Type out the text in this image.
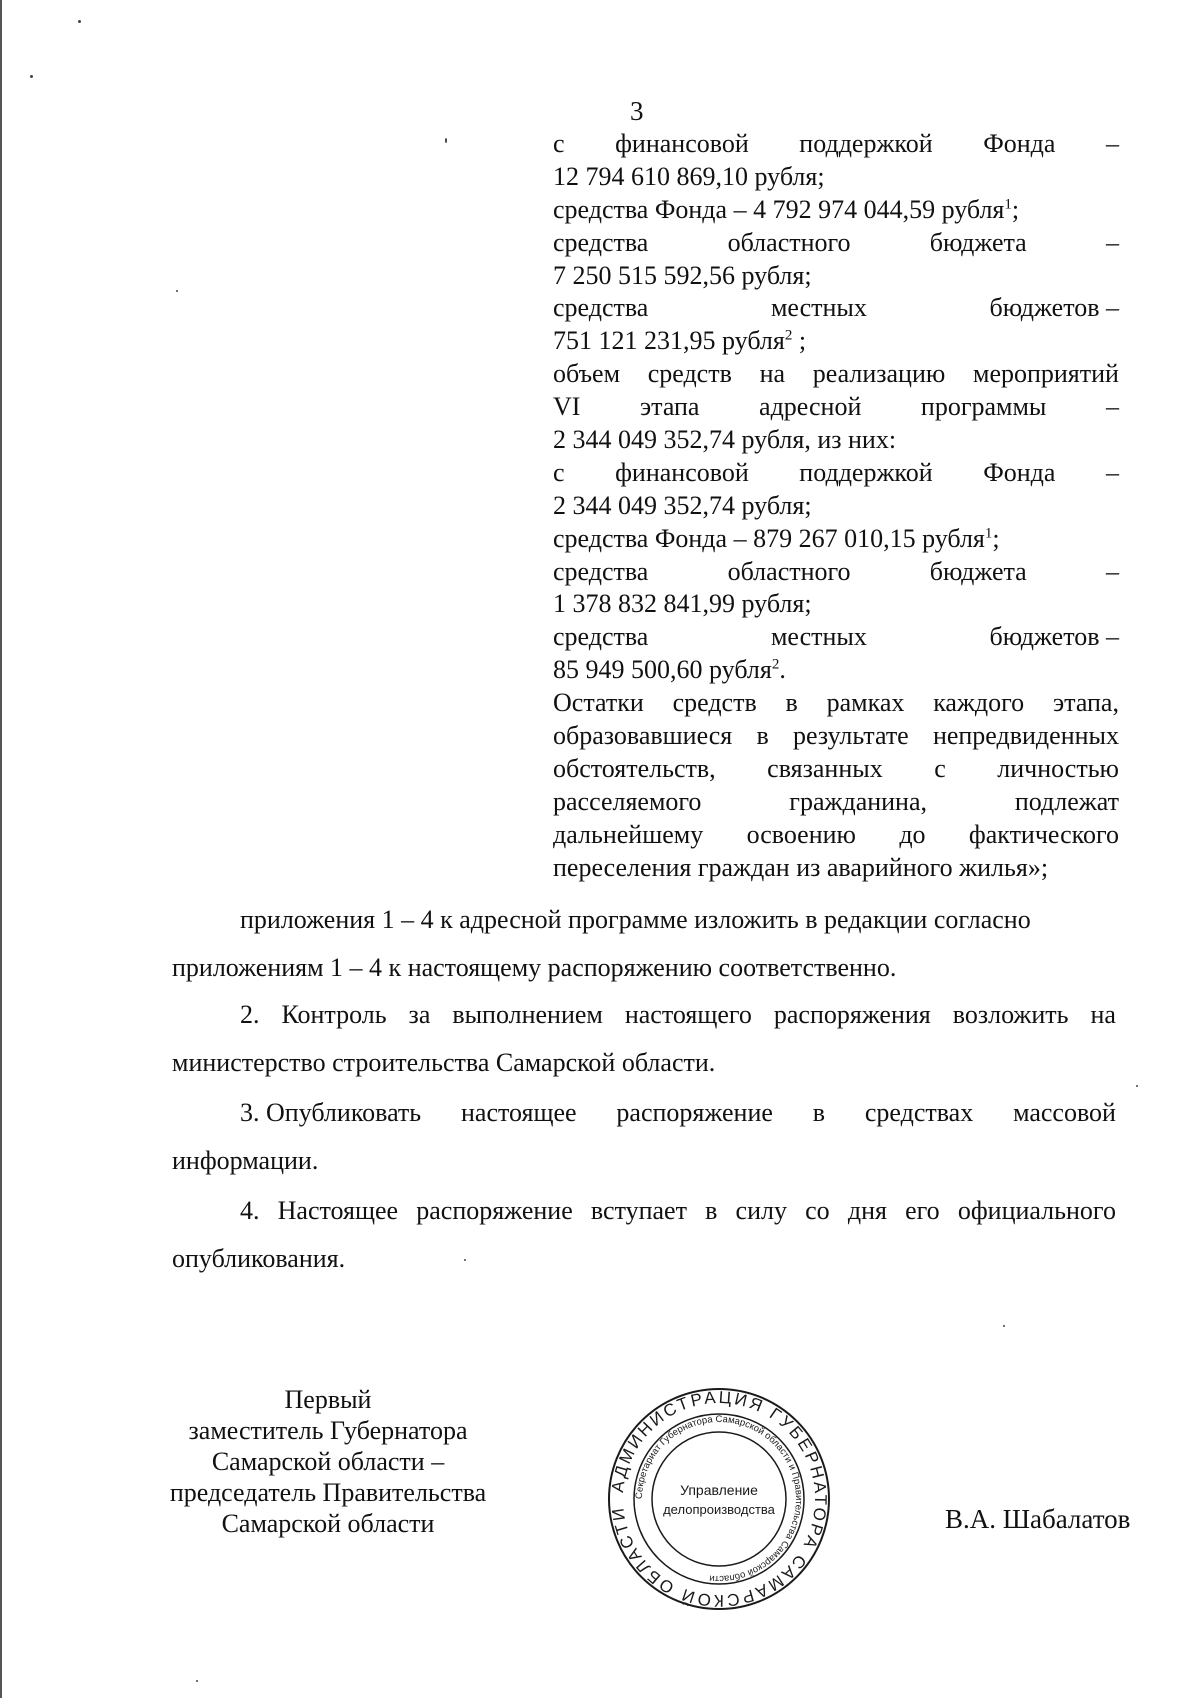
3
с финансовой поддержкой Фонда –
12 794 610 869,10 рубля;
средства Фонда – 4 792 974 044,59 рубля$^1$;
средства	областного	бюджета	–
7 250 515 592,56 рубля;
средства	местных	бюджетов –
751 121 231,95 рубля$^2$ ;
объем средств на реализацию мероприятий
VI этапа адресной программы –
2 344 049 352,74 рубля, из них:
с финансовой поддержкой Фонда –
2 344 049 352,74 рубля;
средства Фонда – 879 267 010,15 рубля$^1$;
средства	областного	бюджета	–
1 378 832 841,99 рубля;
средства	местных	бюджетов –
85 949 500,60 рубля$^2$.
Остатки средств в рамках каждого этапа,
образовавшиеся в результате непредвиденных
обстоятельств, связанных с личностью
расселяемого	гражданина,	подлежат
дальнейшему освоению до фактического
переселения граждан из аварийного жилья»;
приложения 1 – 4 к адресной программе изложить в редакции согласно
приложениям 1 – 4 к настоящему распоряжению соответственно.
2. Контроль за выполнением настоящего распоряжения возложить на
министерство строительства Самарской области.
3. Опубликовать настоящее распоряжение в средствах массовой
информации.
4. Настоящее распоряжение вступает в силу со дня его официального
опубликования.
Первый
заместитель Губернатора
Самарской области –
председатель Правительства
Самарской области
АДМИНИСТРАЦИЯ ГУБЕРНАТОРА САМАРСКОЙ ОБЛАСТИ
Секретариат Губернатора Самарской области и Правительства Самарской области
Управление
делопроизводства	В.А. Шабалатов
